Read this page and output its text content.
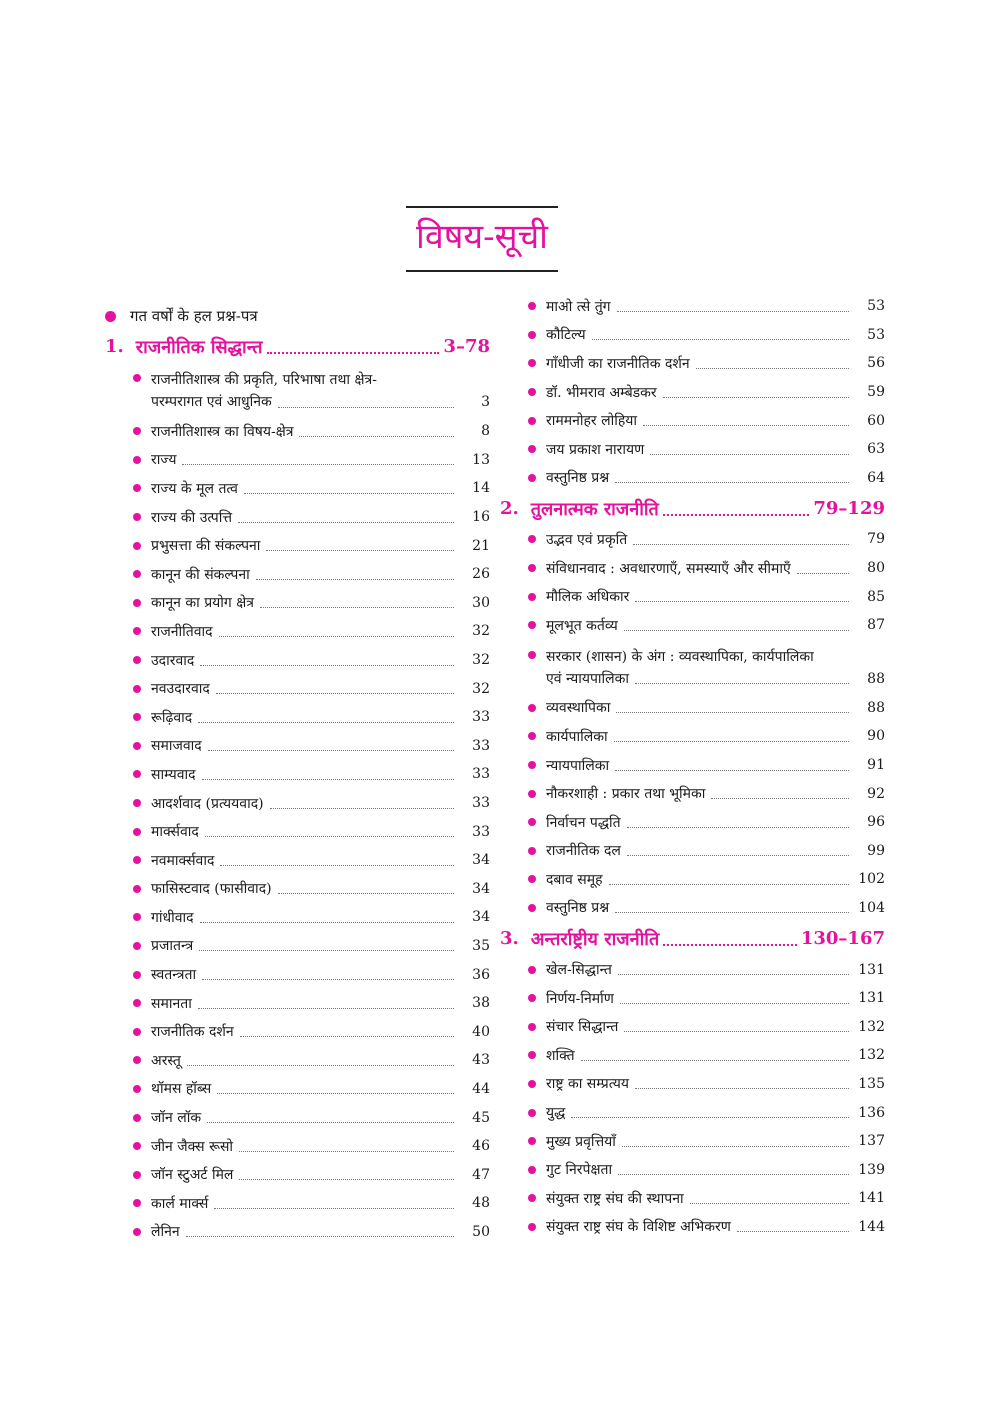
विषय-सूची
गत वर्षों के हल प्रश्न-पत्र
1. राजनीतिक सिद्धान्त	3–78
राजनीतिशास्त्र की प्रकृति, परिभाषा तथा क्षेत्र-
परम्परागत एवं आधुनिक	3
राजनीतिशास्त्र का विषय-क्षेत्र	8
राज्य	13
राज्य के मूल तत्व	14
राज्य की उत्पत्ति	16
प्रभुसत्ता की संकल्पना	21
कानून की संकल्पना	26
कानून का प्रयोग क्षेत्र	30
राजनीतिवाद	32
उदारवाद	32
नवउदारवाद	32
रूढ़िवाद	33
समाजवाद	33
साम्यवाद	33
आदर्शवाद (प्रत्ययवाद)	33
मार्क्सवाद	33
नवमार्क्सवाद	34
फासिस्टवाद (फासीवाद)	34
गांधीवाद	34
प्रजातन्त्र	35
स्वतन्त्रता	36
समानता	38
राजनीतिक दर्शन	40
अरस्तू	43
थॉमस हॉब्स	44
जॉन लॉक	45
जीन जैक्स रूसो	46
जॉन स्टुअर्ट मिल	47
कार्ल मार्क्स	48
लेनिन	50
माओ त्से तुंग	53
कौटिल्य	53
गाँधीजी का राजनीतिक दर्शन	56
डॉ. भीमराव अम्बेडकर	59
राममनोहर लोहिया	60
जय प्रकाश नारायण	63
वस्तुनिष्ठ प्रश्न	64
2. तुलनात्मक राजनीति	79–129
उद्भव एवं प्रकृति	79
संविधानवाद : अवधारणाएँ, समस्याएँ और सीमाएँ	80
मौलिक अधिकार	85
मूलभूत कर्तव्य	87
सरकार (शासन) के अंग : व्यवस्थापिका, कार्यपालिका
एवं न्यायपालिका	88
व्यवस्थापिका	88
कार्यपालिका	90
न्यायपालिका	91
नौकरशाही : प्रकार तथा भूमिका	92
निर्वाचन पद्धति	96
राजनीतिक दल	99
दबाव समूह	102
वस्तुनिष्ठ प्रश्न	104
3. अन्तर्राष्ट्रीय राजनीति	130–167
खेल-सिद्धान्त	131
निर्णय-निर्माण	131
संचार सिद्धान्त	132
शक्ति	132
राष्ट्र का सम्प्रत्यय	135
युद्ध	136
मुख्य प्रवृत्तियाँ	137
गुट निरपेक्षता	139
संयुक्त राष्ट्र संघ की स्थापना	141
संयुक्त राष्ट्र संघ के विशिष्ट अभिकरण	144
